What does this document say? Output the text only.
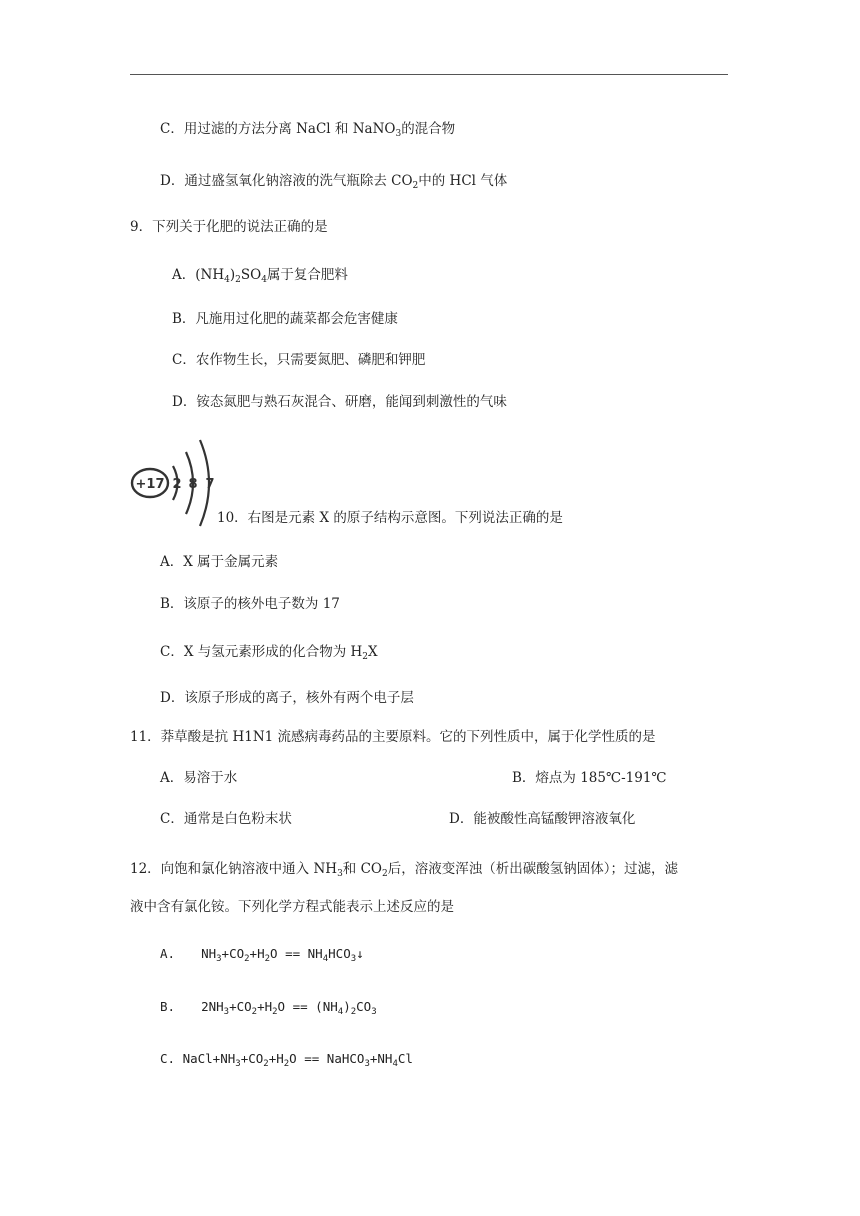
C．用过滤的方法分离 NaCl 和 NaNO$_3$的混合物
D．通过盛氢氧化钠溶液的洗气瓶除去 $CO_2$中的 HCl 气体
9．下列关于化肥的说法正确的是
A．$(NH_4)_2SO_4$属于复合肥料
B．凡施用过化肥的蔬菜都会危害健康
C．农作物生长，只需要氮肥、磷肥和钾肥
D．铵态氮肥与熟石灰混合、研磨，能闻到刺激性的气味
+17 2 8 7
10．右图是元素 X 的原子结构示意图。下列说法正确的是
A．X 属于金属元素
B．该原子的核外电子数为 17
C．X 与氢元素形成的化合物为 $H_2X$
D．该原子形成的离子，核外有两个电子层
11．莽草酸是抗 H1N1 流感病毒药品的主要原料。它的下列性质中，属于化学性质的是
A．易溶于水	B．熔点为 185℃-191℃
C．通常是白色粉末状	D．能被酸性高锰酸钾溶液氧化
12．向饱和氯化钠溶液中通入 $NH_3$和 $CO_2$后，溶液变浑浊（析出碳酸氢钠固体）；过滤，滤
液中含有氯化铵。下列化学方程式能表示上述反应的是
A. $NH_3+CO_2+H_2O$ == $NH_4HCO_3↓$
B. $2NH_3+CO_2+H_2O == (NH_4)_2CO_3$
C. $NaCl+NH_3+CO_2+H_2O$ == $NaHCO_3+NH_4Cl$
